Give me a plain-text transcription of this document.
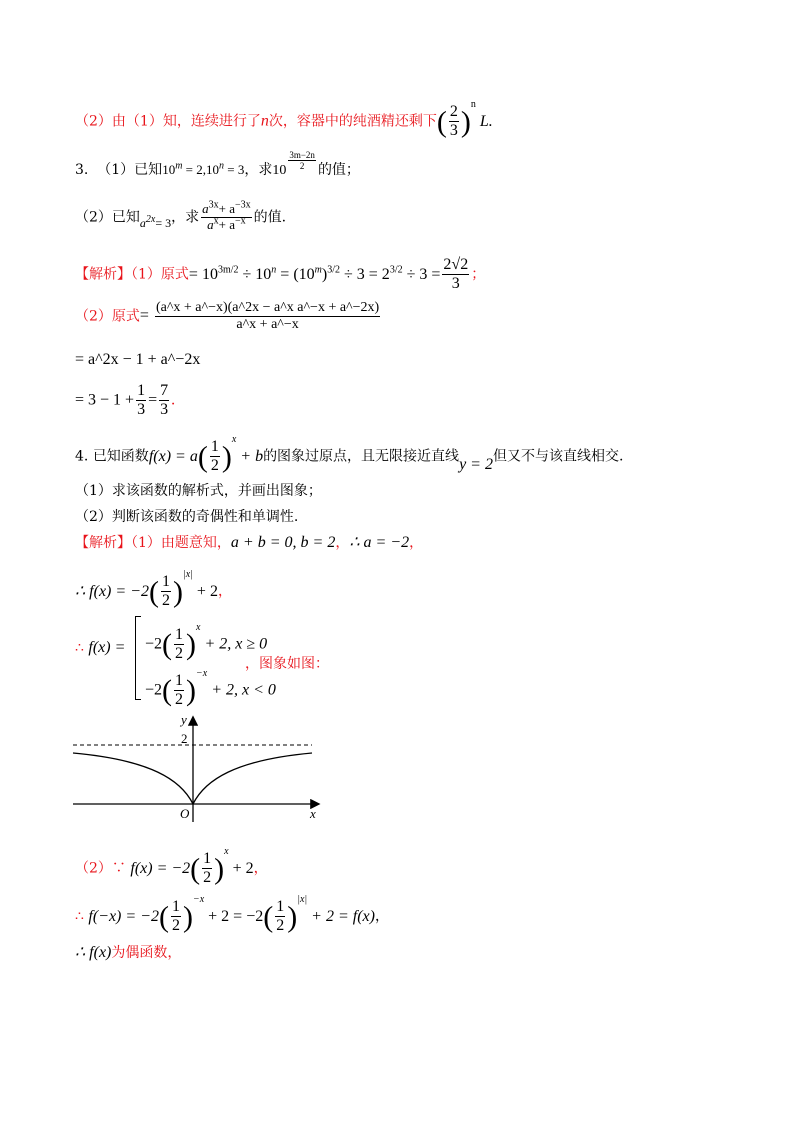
（2）由（1）知，连续进行了n次，容器中的纯酒精还剩下( $\frac{2}{3} )^n$ L.
3. （1）已知$10^m = 2,10^n = 3$，求$10 \frac{3m-2n}{2}$ 的值；
（2）已知$a^{2x}= 3$，求 $\frac{a^{3x}+ a^{-3x}}{a^x+ a^{-x}}$ 的值.
【解析】（1）原式= $10^{3m/2} \div 10^n = (10^m)^{3/2} \div 3 = 2^{3/2} \div 3 = \frac{2√2}{3}$ ；
（2）原式= $\frac{\text{(a\textasciicircum{}x + a\textasciicircum{}−x)(a\textasciicircum{}2x − a\textasciicircum{}x a\textasciicircum{}−x + a\textasciicircum{}−2x)}}{a\^{}x + a\^{}-x}$
= a^2x − 1 + a^−2x
= $3 - 1 + \frac{1}{3} = \frac{7}{3}$ .
4. 已知函数$f(x) = a( \frac{1}{2} )^x + b$的图象过原点，且无限接近直线y = 2但又不与该直线相交.
（1）求该函数的解析式，并画出图象；
（2）判断该函数的奇偶性和单调性.
【解析】（1）由题意知，a + b = 0, b = 2，∴ a = −2，
∴ $f(x) = -2( \frac{1}{2} )^{|x|} + 2$，
∴ $f(x) = -2( \frac{1}{2} )^x + 2$, x ≥ 0
$-2( \frac{1}{2} )^{-x} + 2$, x < 0
，图象如图：
y
2
O	x
（2）∵ $f(x) = -2( \frac{1}{2} )^x + 2$，
∴ $f(-x) = -2( \frac{1}{2} )^{-x} + 2 = -2( \frac{1}{2} )^{|x|} + 2 = f(x)$，
∴ f(x)为偶函数，
